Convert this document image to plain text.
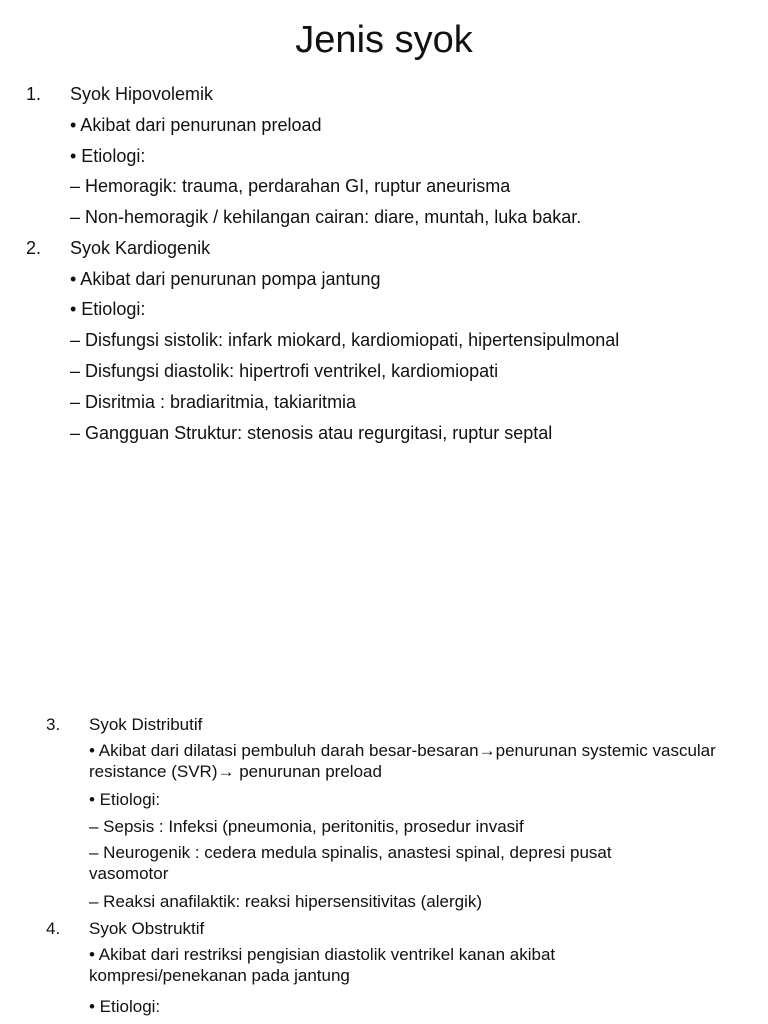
Jenis syok
1. Syok Hipovolemik
• Akibat dari penurunan preload
• Etiologi:
– Hemoragik: trauma, perdarahan GI, ruptur aneurisma
– Non-hemoragik / kehilangan cairan: diare, muntah, luka bakar.
2. Syok Kardiogenik
• Akibat dari penurunan pompa jantung
• Etiologi:
– Disfungsi sistolik: infark miokard, kardiomiopati, hipertensipulmonal
– Disfungsi diastolik: hipertrofi ventrikel, kardiomiopati
– Disritmia : bradiaritmia, takiaritmia
– Gangguan Struktur: stenosis atau regurgitasi, ruptur septal
3. Syok Distributif
• Akibat dari dilatasi pembuluh darah besar-besaran→penurunan systemic vascular resistance (SVR)→ penurunan preload
• Etiologi:
– Sepsis : Infeksi (pneumonia, peritonitis, prosedur invasif
– Neurogenik : cedera medula spinalis, anastesi spinal, depresi pusat vasomotor
– Reaksi anafilaktik: reaksi hipersensitivitas (alergik)
4. Syok Obstruktif
• Akibat dari restriksi pengisian diastolik ventrikel kanan akibat kompresi/penekanan pada jantung
• Etiologi:
